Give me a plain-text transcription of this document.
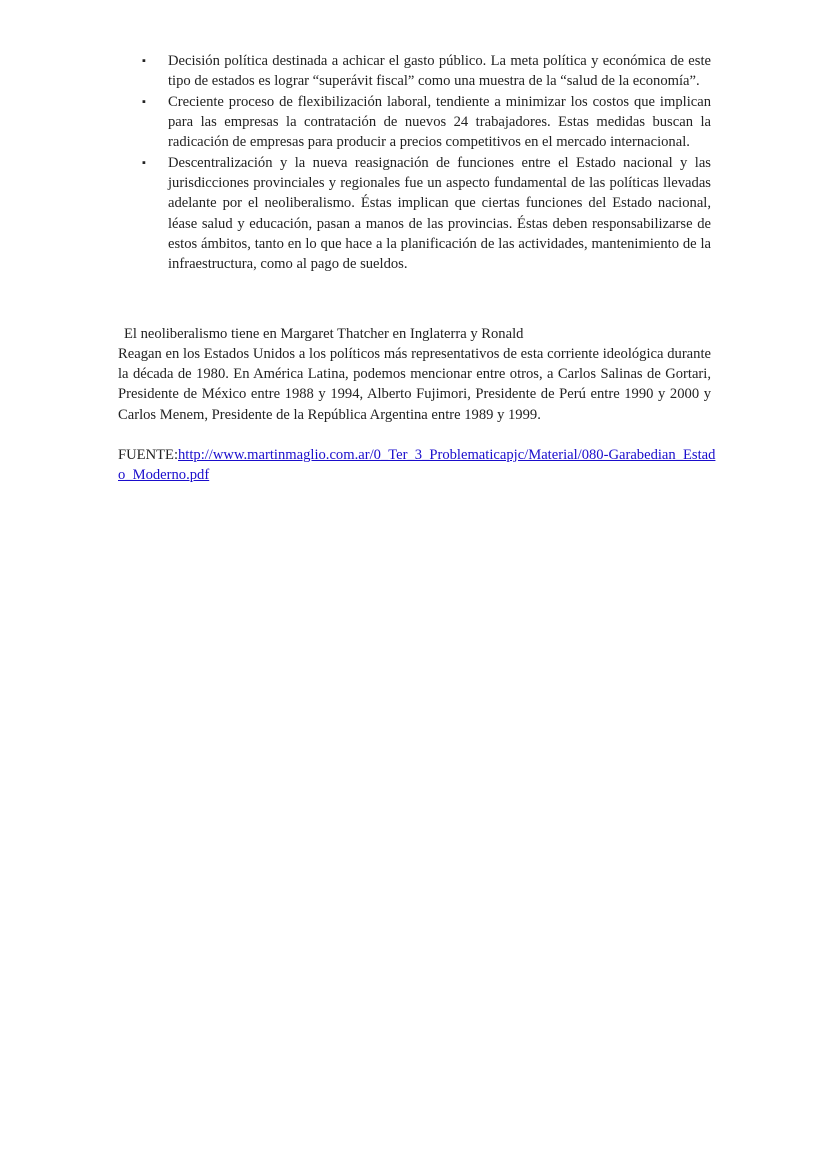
▪ Decisión política destinada a achicar el gasto público. La meta política y económica de este tipo de estados es lograr “superávit fiscal” como una muestra de la “salud de la economía”.
▪ Creciente proceso de flexibilización laboral, tendiente a minimizar los costos que implican para las empresas la contratación de nuevos 24 trabajadores. Estas medidas buscan la radicación de empresas para producir a precios competitivos en el mercado internacional.
▪ Descentralización y la nueva reasignación de funciones entre el Estado nacional y las jurisdicciones provinciales y regionales fue un aspecto fundamental de las políticas llevadas adelante por el neoliberalismo. Éstas implican que ciertas funciones del Estado nacional, léase salud y educación, pasan a manos de las provincias. Éstas deben responsabilizarse de estos ámbitos, tanto en lo que hace a la planificación de las actividades, mantenimiento de la infraestructura, como al pago de sueldos.
El neoliberalismo tiene en Margaret Thatcher en Inglaterra y Ronald
Reagan en los Estados Unidos a los políticos más representativos de esta corriente ideológica durante la década de 1980. En América Latina, podemos mencionar entre otros, a Carlos Salinas de Gortari, Presidente de México entre 1988 y 1994, Alberto Fujimori, Presidente de Perú entre 1990 y 2000 y Carlos Menem, Presidente de la República Argentina entre 1989 y 1999.
FUENTE:http://www.martinmaglio.com.ar/0_Ter_3_Problematicapjc/Material/080-Garabedian_Estado_Moderno.pdf
